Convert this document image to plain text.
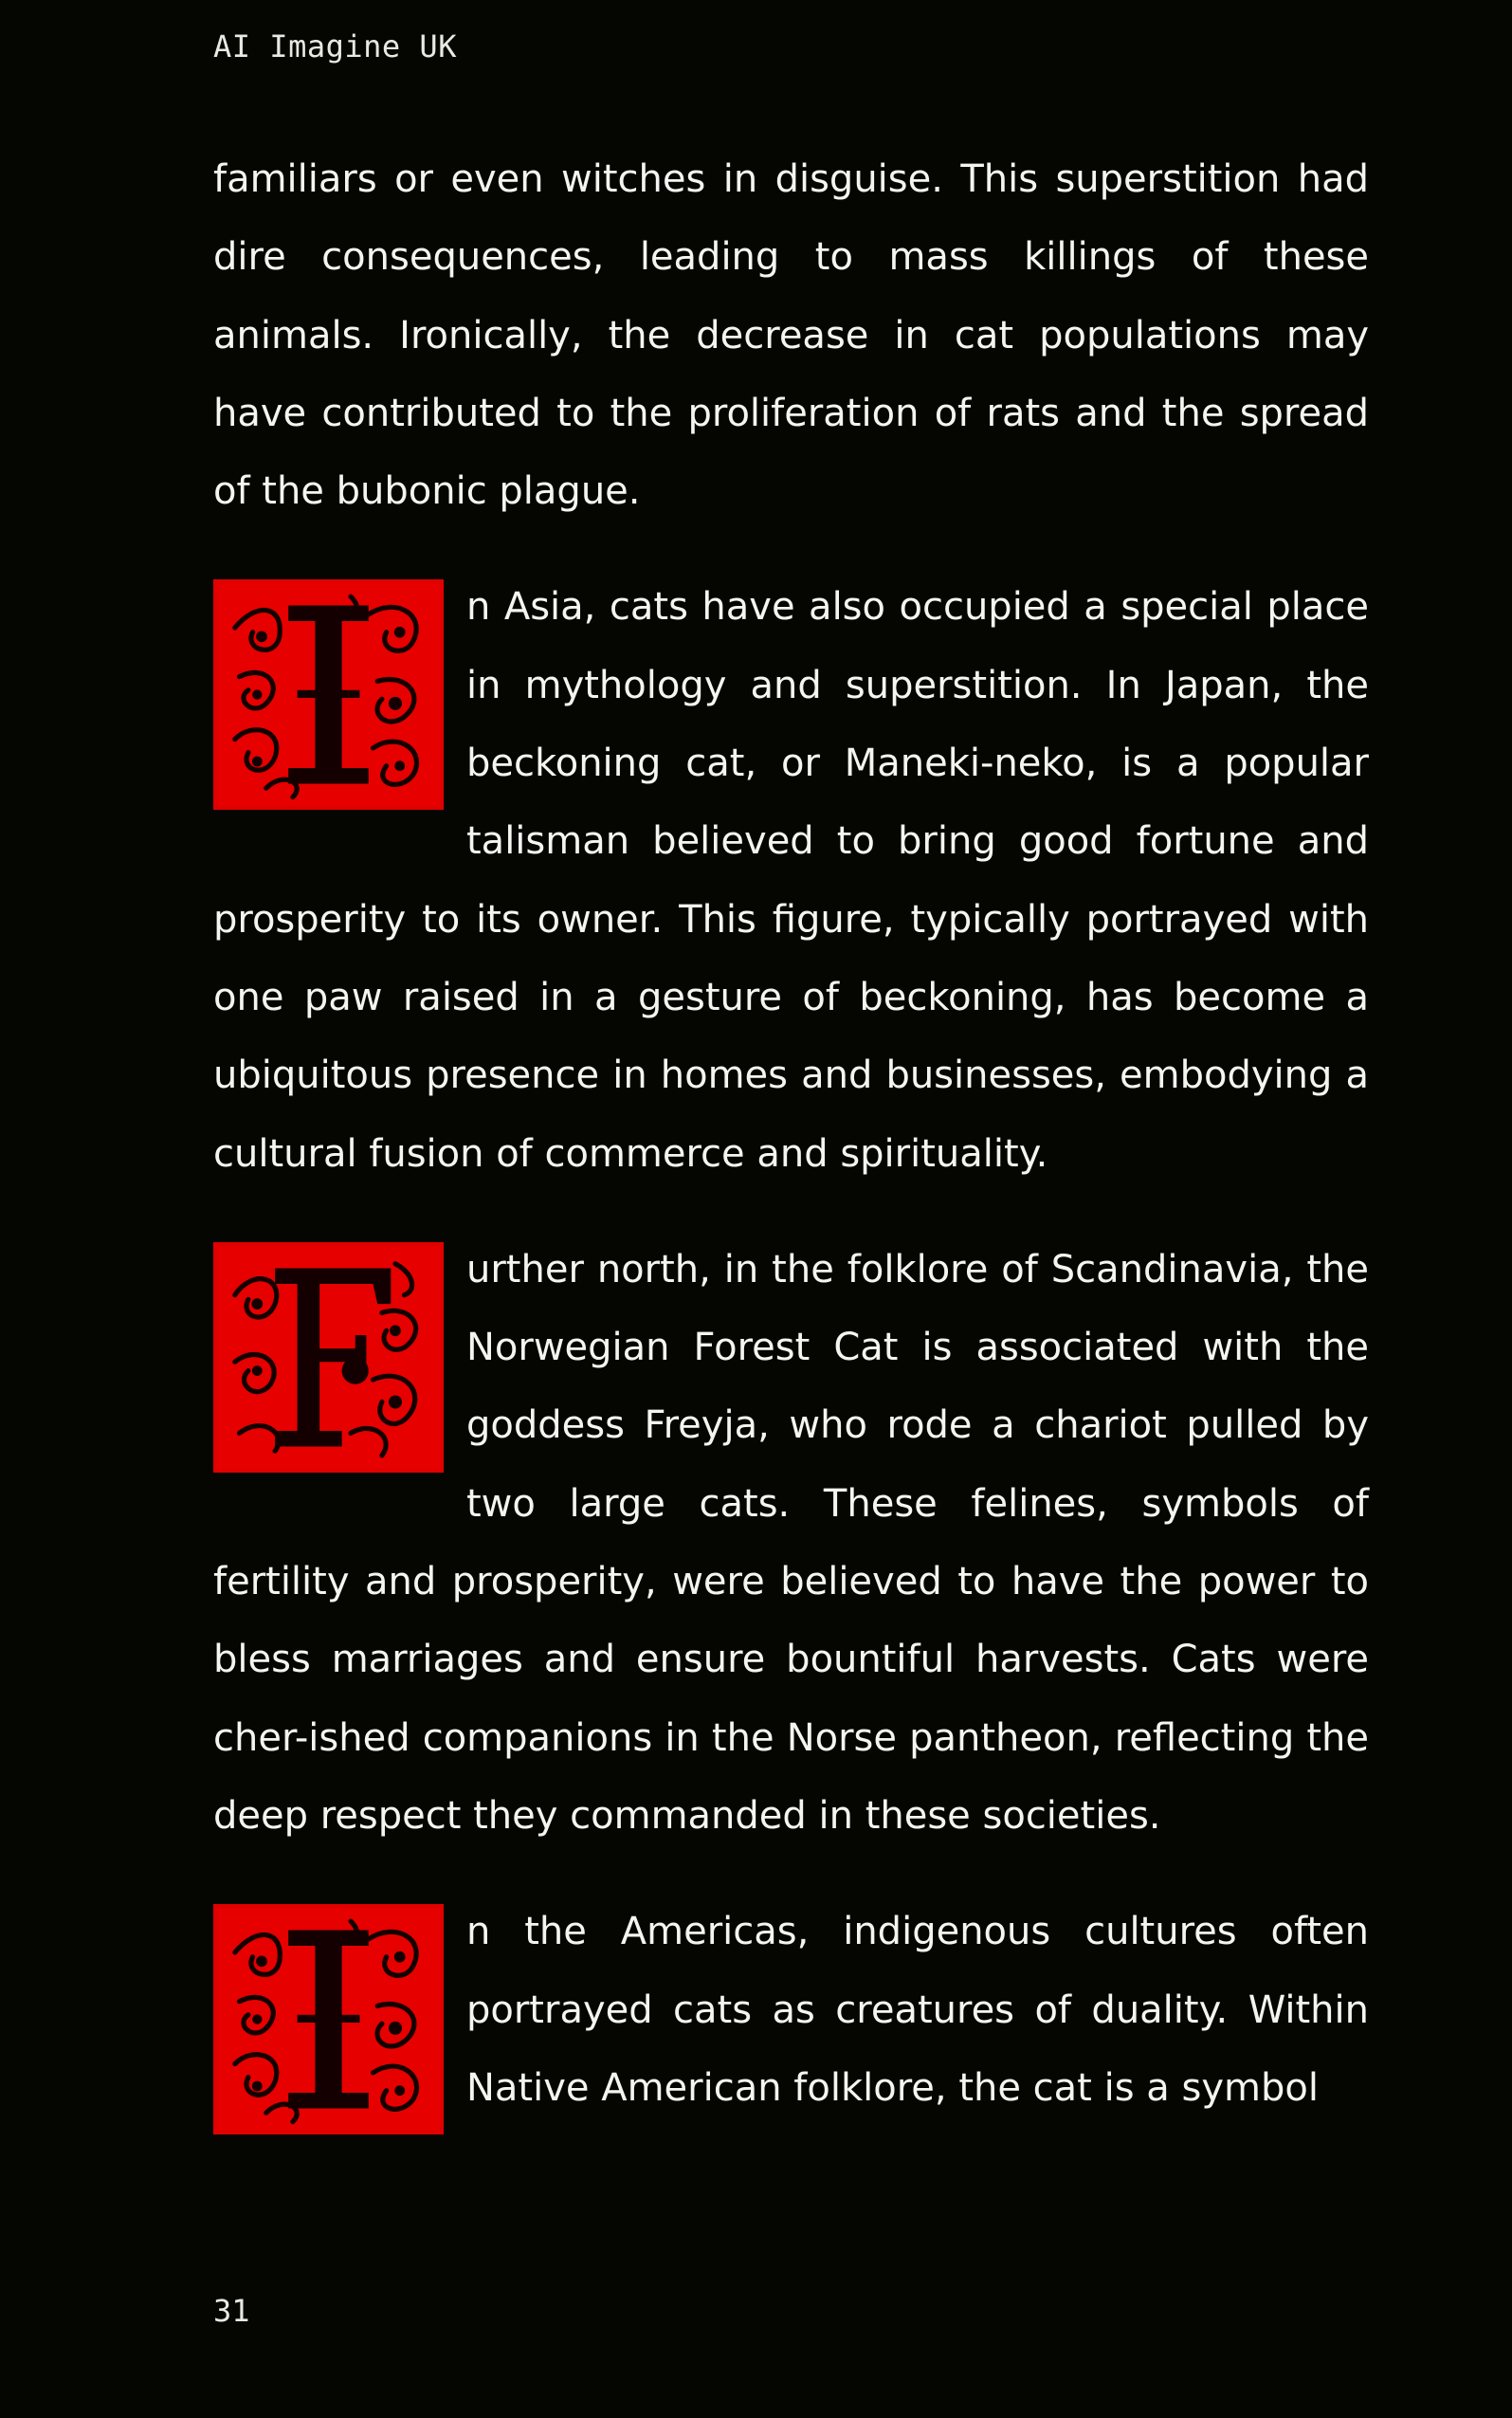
AI Imagine UK

familiars or even witches in disguise. This superstition had dire consequences, leading to mass killings of these animals. Ironically, the decrease in cat populations may have contributed to the proliferation of rats and the spread of the bubonic plague.

n Asia, cats have also occupied a special place in mythology and superstition. In Japan, the beckoning cat, or Maneki-neko, is a popular talisman believed to bring good fortune and prosperity to its owner. This figure, typically portrayed with one paw raised in a gesture of beckoning, has become a ubiquitous presence in homes and businesses, embodying a cultural fusion of commerce and spirituality.

urther north, in the folklore of Scandinavia, the Norwegian Forest Cat is associated with the goddess Freyja, who rode a chariot pulled by two large cats. These felines, symbols of fertility and prosperity, were believed to have the power to bless marriages and ensure bountiful harvests. Cats were cher-ished companions in the Norse pantheon, reflecting the deep respect they commanded in these societies.

n the Americas, indigenous cultures often portrayed cats as creatures of duality. Within Native American folklore, the cat is a symbol

31
